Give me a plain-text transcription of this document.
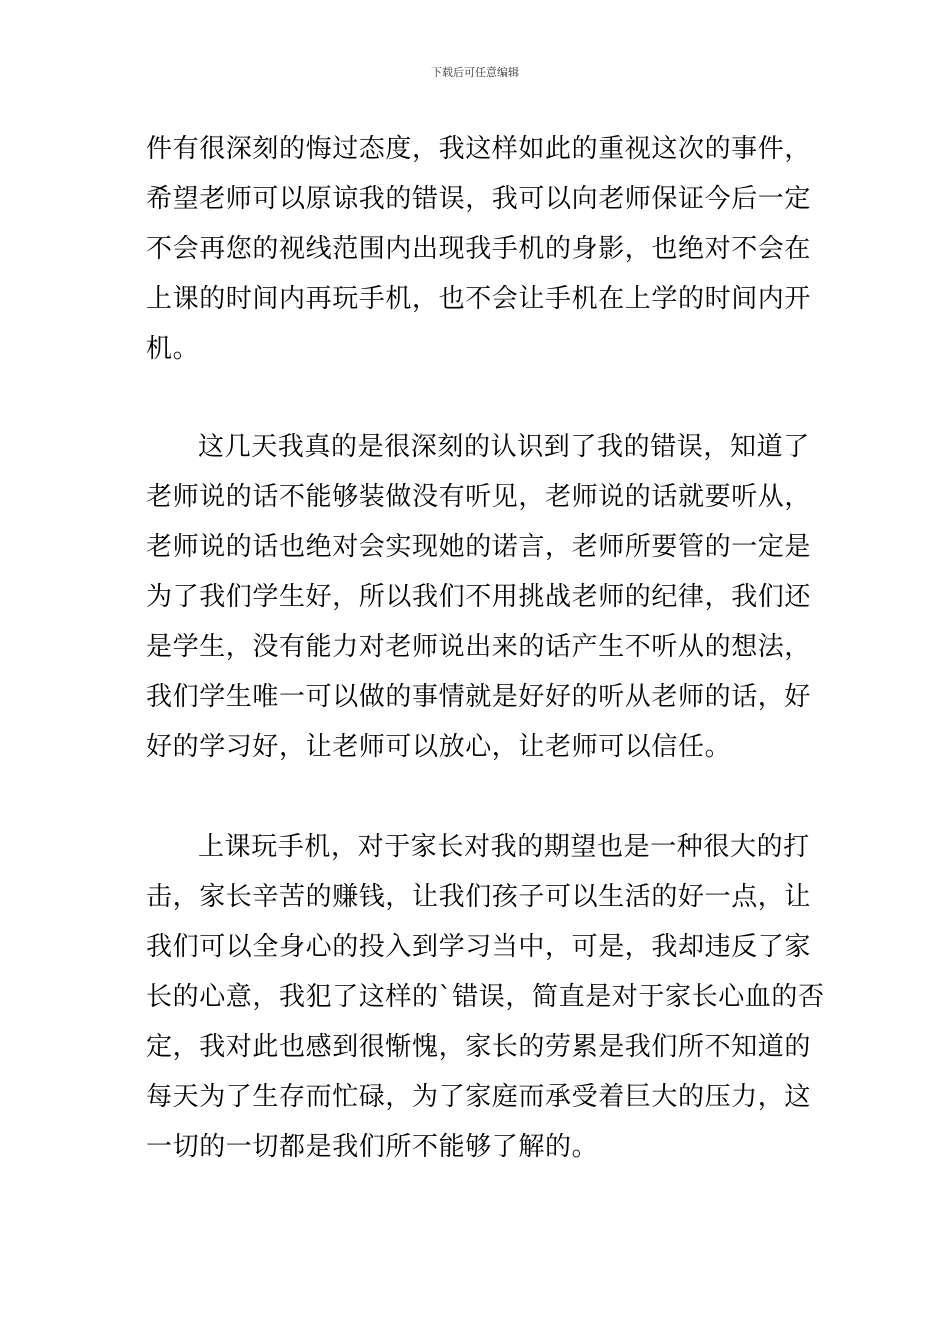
下载后可任意编辑
件有很深刻的悔过态度，我这样如此的重视这次的事件，
希望老师可以原谅我的错误，我可以向老师保证今后一定
不会再您的视线范围内出现我手机的身影，也绝对不会在
上课的时间内再玩手机，也不会让手机在上学的时间内开
机。
这几天我真的是很深刻的认识到了我的错误，知道了
老师说的话不能够装做没有听见，老师说的话就要听从，
老师说的话也绝对会实现她的诺言，老师所要管的一定是
为了我们学生好，所以我们不用挑战老师的纪律，我们还
是学生，没有能力对老师说出来的话产生不听从的想法，
我们学生唯一可以做的事情就是好好的听从老师的话，好
好的学习好，让老师可以放心，让老师可以信任。
上课玩手机，对于家长对我的期望也是一种很大的打
击，家长辛苦的赚钱，让我们孩子可以生活的好一点，让
我们可以全身心的投入到学习当中，可是，我却违反了家
长的心意，我犯了这样的`错误，简直是对于家长心血的否
定，我对此也感到很惭愧，家长的劳累是我们所不知道的
每天为了生存而忙碌，为了家庭而承受着巨大的压力，这
一切的一切都是我们所不能够了解的。
